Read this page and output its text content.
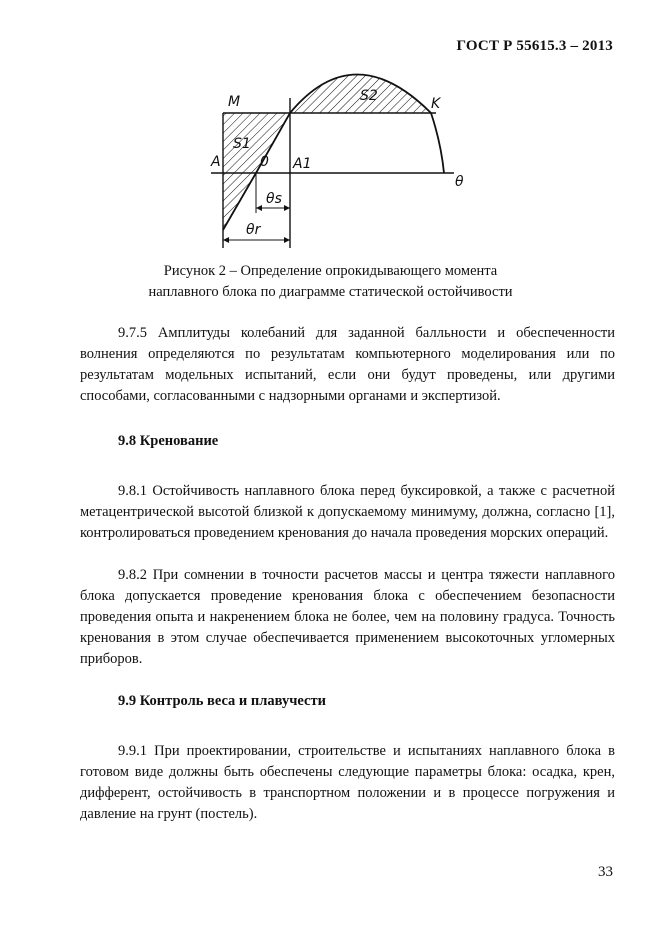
ГОСТ Р 55615.3 – 2013
M
S1
S2	K
A	0 A1
θ
θs
θr
Рисунок 2 – Определение опрокидывающего момента
наплавного блока по диаграмме статической остойчивости

9.7.5 Амплитуды колебаний для заданной балльности и обеспеченности волнения определяются по результатам компьютерного моделирования или по результатам модельных испытаний, если они будут проведены, или другими способами, согласованными с надзорными органами и экспертизой.

9.8 Кренование

9.8.1 Остойчивость наплавного блока перед буксировкой, а также с расчетной метацентрической высотой близкой к допускаемому минимуму, должна, согласно [1], контролироваться проведением кренования до начала проведения морских операций.

9.8.2 При сомнении в точности расчетов массы и центра тяжести наплавного блока допускается проведение кренования блока с обеспечением безопасности проведения опыта и накренением блока не более, чем на половину градуса. Точность кренования в этом случае обеспечивается применением высокоточных угломерных приборов.

9.9 Контроль веса и плавучести

9.9.1 При проектировании, строительстве и испытаниях наплавного блока в готовом виде должны быть обеспечены следующие параметры блока: осадка, крен, дифферент, остойчивость в транспортном положении и в процессе погружения и давление на грунт (постель).

33
